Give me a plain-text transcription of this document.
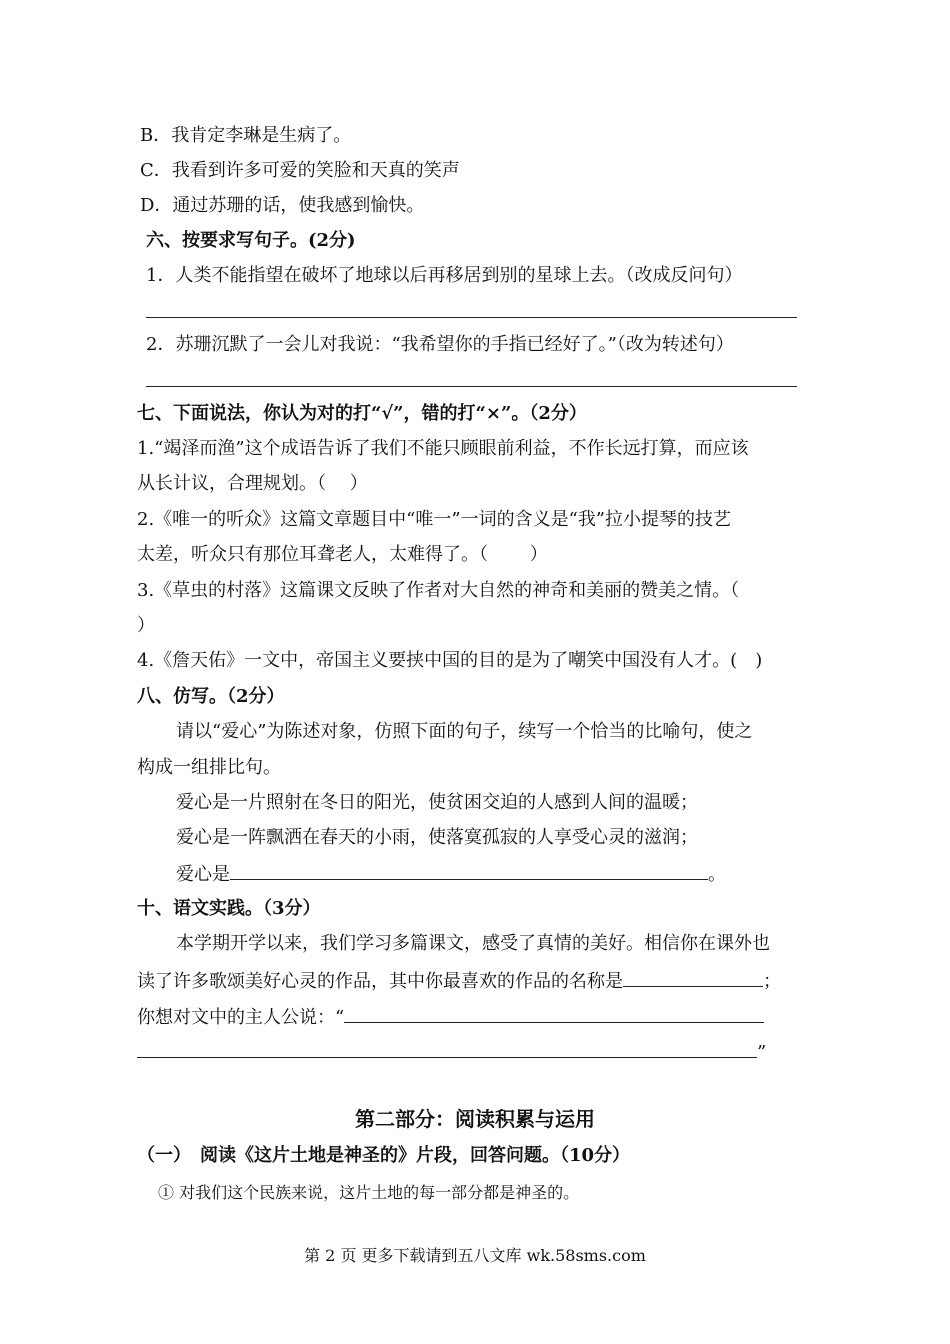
B．我肯定李琳是生病了。
C．我看到许多可爱的笑脸和天真的笑声
D．通过苏珊的话，使我感到愉快。
六、按要求写句子。(2分)
1．人类不能指望在破坏了地球以后再移居到别的星球上去。（改成反问句）
2．苏珊沉默了一会儿对我说：“我希望你的手指已经好了。”（改为转述句）
七、下面说法，你认为对的打“√”，错的打“×”。（2分）
1.“竭泽而渔”这个成语告诉了我们不能只顾眼前利益，不作长远打算，而应该
从长计议，合理规划。（　 ）
2.《唯一的听众》这篇文章题目中“唯一”一词的含义是“我”拉小提琴的技艺
太差，听众只有那位耳聋老人，太难得了。（　　 ）
3.《草虫的村落》这篇课文反映了作者对大自然的神奇和美丽的赞美之情。（
）
4.《詹天佑》一文中，帝国主义要挟中国的目的是为了嘲笑中国没有人才。(　)
八、仿写。（2分）
请以“爱心”为陈述对象，仿照下面的句子，续写一个恰当的比喻句，使之
构成一组排比句。
爱心是一片照射在冬日的阳光，使贫困交迫的人感到人间的温暖；
爱心是一阵飘洒在春天的小雨，使落寞孤寂的人享受心灵的滋润；
爱心是	。
十、语文实践。（3分）
本学期开学以来，我们学习多篇课文，感受了真情的美好。相信你在课外也
读了许多歌颂美好心灵的作品，其中你最喜欢的作品的名称是	；
你想对文中的主人公说：“
”
第二部分：阅读积累与运用
（一）　阅读《这片土地是神圣的》片段，回答问题。（10分）
① 对我们这个民族来说，这片土地的每一部分都是神圣的。
第 2 页 更多下载请到五八文库 wk.58sms.com
